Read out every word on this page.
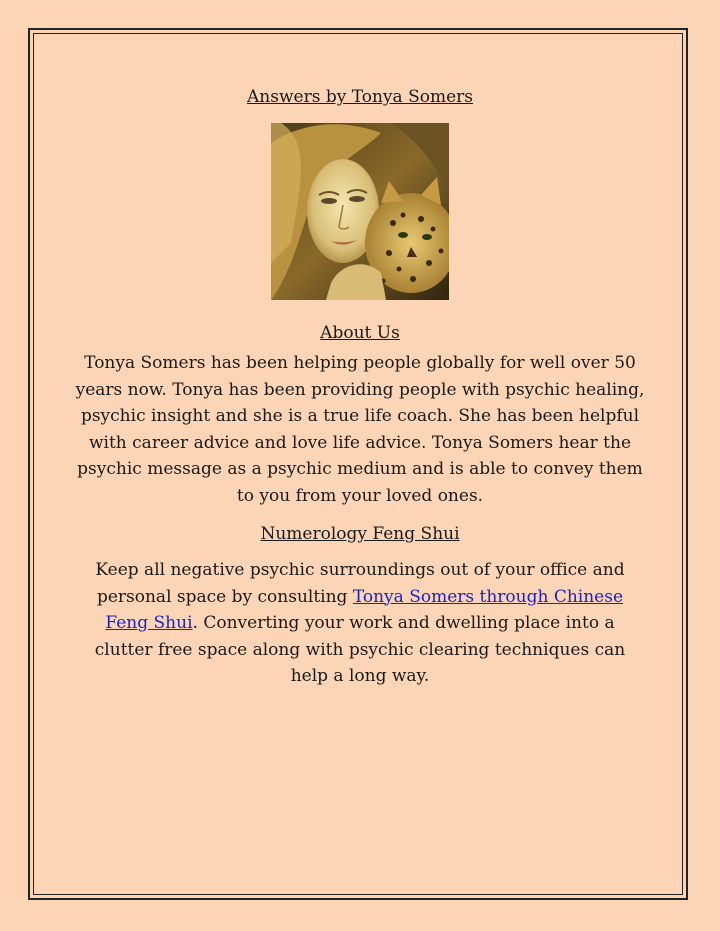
Answers by Tonya Somers
About Us

Tonya Somers has been helping people globally for well over 50 years now. Tonya has been providing people with psychic healing, psychic insight and she is a true life coach. She has been helpful with career advice and love life advice. Tonya Somers hear the psychic message as a psychic medium and is able to convey them to you from your loved ones.

Numerology Feng Shui

Keep all negative psychic surroundings out of your office and personal space by consulting Tonya Somers through Chinese Feng Shui. Converting your work and dwelling place into a clutter free space along with psychic clearing techniques can help a long way.
